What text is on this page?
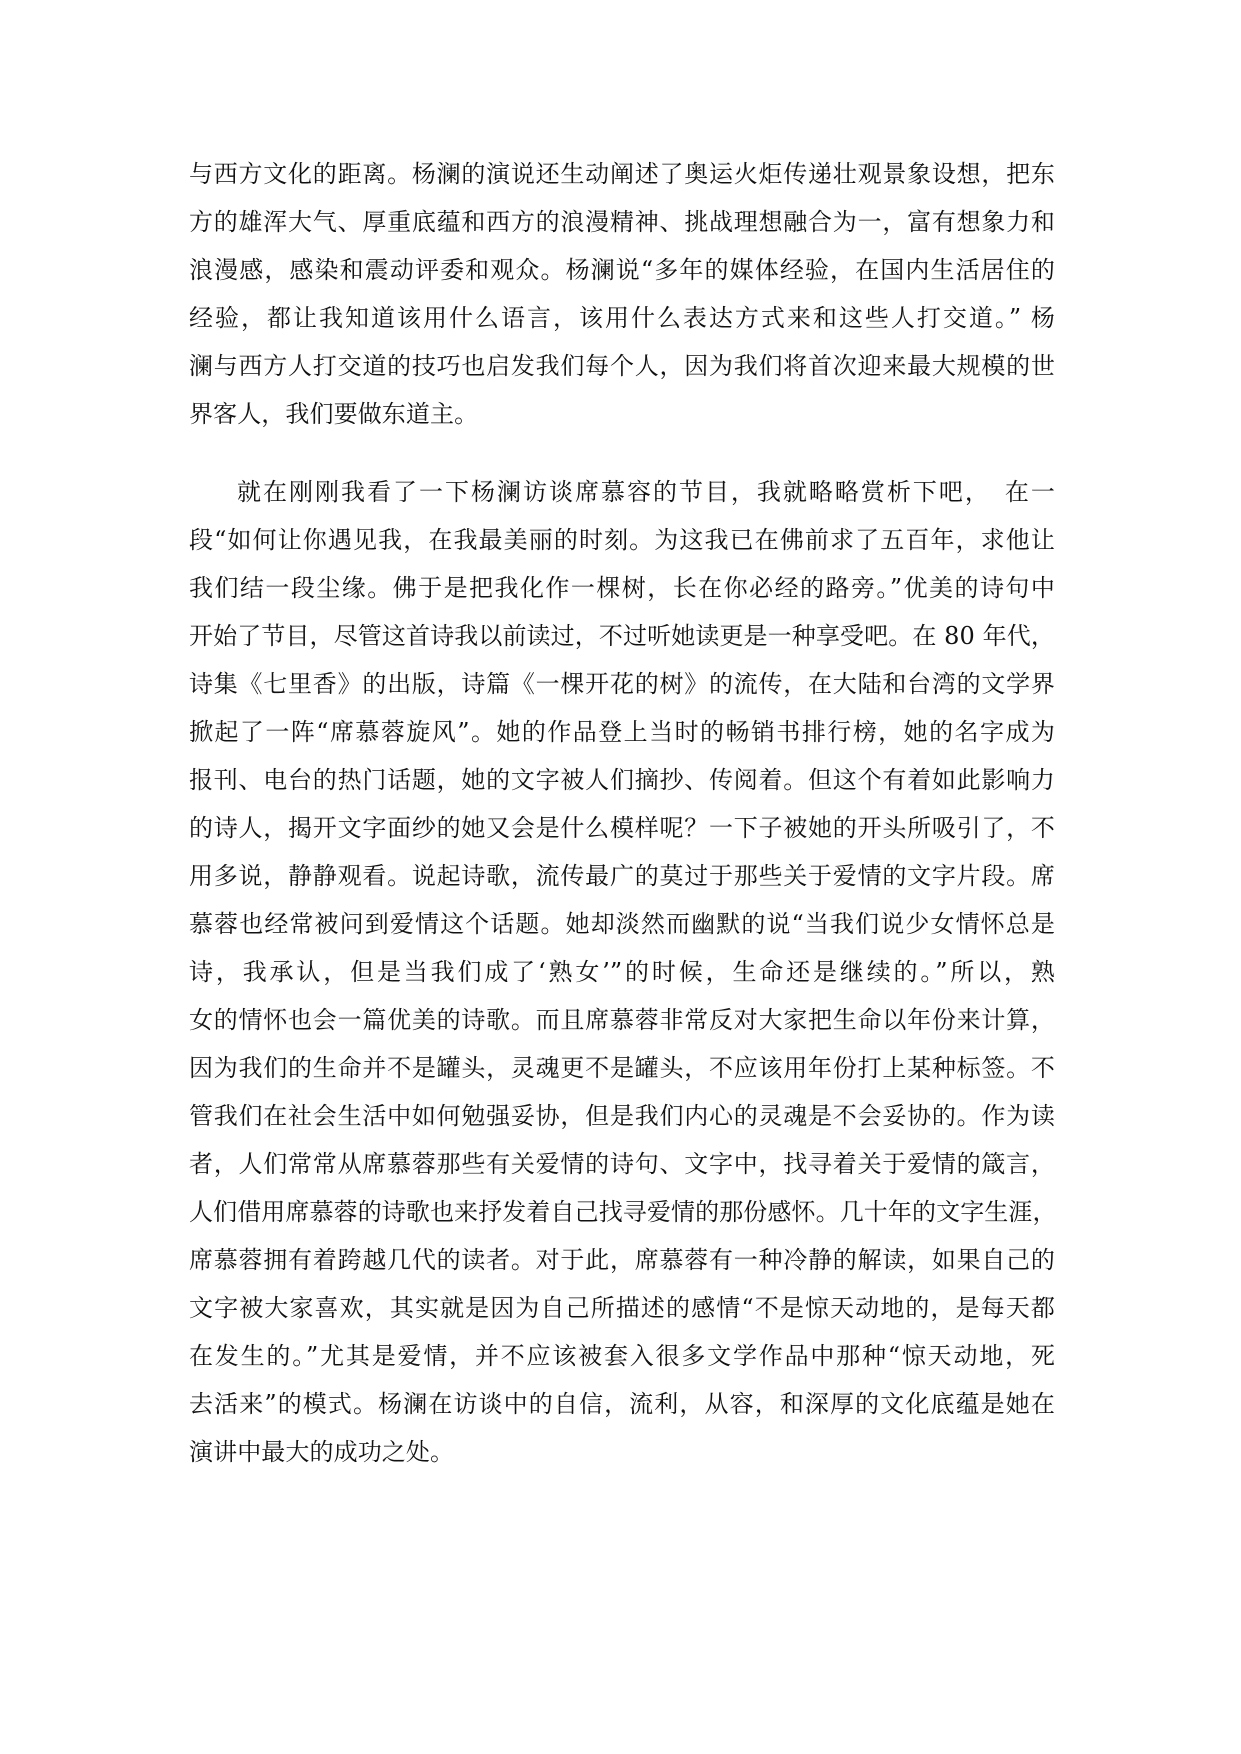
与西方文化的距离。杨澜的演说还生动阐述了奥运火炬传递壮观景象设想，把东
方的雄浑大气、厚重底蕴和西方的浪漫精神、挑战理想融合为一，富有想象力和
浪漫感，感染和震动评委和观众。杨澜说“多年的媒体经验，在国内生活居住的
经验，都让我知道该用什么语言，该用什么表达方式来和这些人打交道。” 杨
澜与西方人打交道的技巧也启发我们每个人，因为我们将首次迎来最大规模的世
界客人，我们要做东道主。
就在刚刚我看了一下杨澜访谈席慕容的节目，我就略略赏析下吧，　在一
段“如何让你遇见我，在我最美丽的时刻。为这我已在佛前求了五百年，求他让
我们结一段尘缘。佛于是把我化作一棵树，长在你必经的路旁。”优美的诗句中
开始了节目，尽管这首诗我以前读过，不过听她读更是一种享受吧。在 80 年代，
诗集《七里香》的出版，诗篇《一棵开花的树》的流传，在大陆和台湾的文学界
掀起了一阵“席慕蓉旋风”。她的作品登上当时的畅销书排行榜，她的名字成为
报刊、电台的热门话题，她的文字被人们摘抄、传阅着。但这个有着如此影响力
的诗人，揭开文字面纱的她又会是什么模样呢？一下子被她的开头所吸引了，不
用多说，静静观看。说起诗歌，流传最广的莫过于那些关于爱情的文字片段。席
慕蓉也经常被问到爱情这个话题。她却淡然而幽默的说“当我们说少女情怀总是
诗，我承认，但是当我们成了‘熟女’”的时候，生命还是继续的。”所以，熟
女的情怀也会一篇优美的诗歌。而且席慕蓉非常反对大家把生命以年份来计算，
因为我们的生命并不是罐头，灵魂更不是罐头，不应该用年份打上某种标签。不
管我们在社会生活中如何勉强妥协，但是我们内心的灵魂是不会妥协的。作为读
者，人们常常从席慕蓉那些有关爱情的诗句、文字中，找寻着关于爱情的箴言，
人们借用席慕蓉的诗歌也来抒发着自己找寻爱情的那份感怀。几十年的文字生涯，
席慕蓉拥有着跨越几代的读者。对于此，席慕蓉有一种冷静的解读，如果自己的
文字被大家喜欢，其实就是因为自己所描述的感情“不是惊天动地的，是每天都
在发生的。”尤其是爱情，并不应该被套入很多文学作品中那种“惊天动地，死
去活来”的模式。杨澜在访谈中的自信，流利，从容，和深厚的文化底蕴是她在
演讲中最大的成功之处。
